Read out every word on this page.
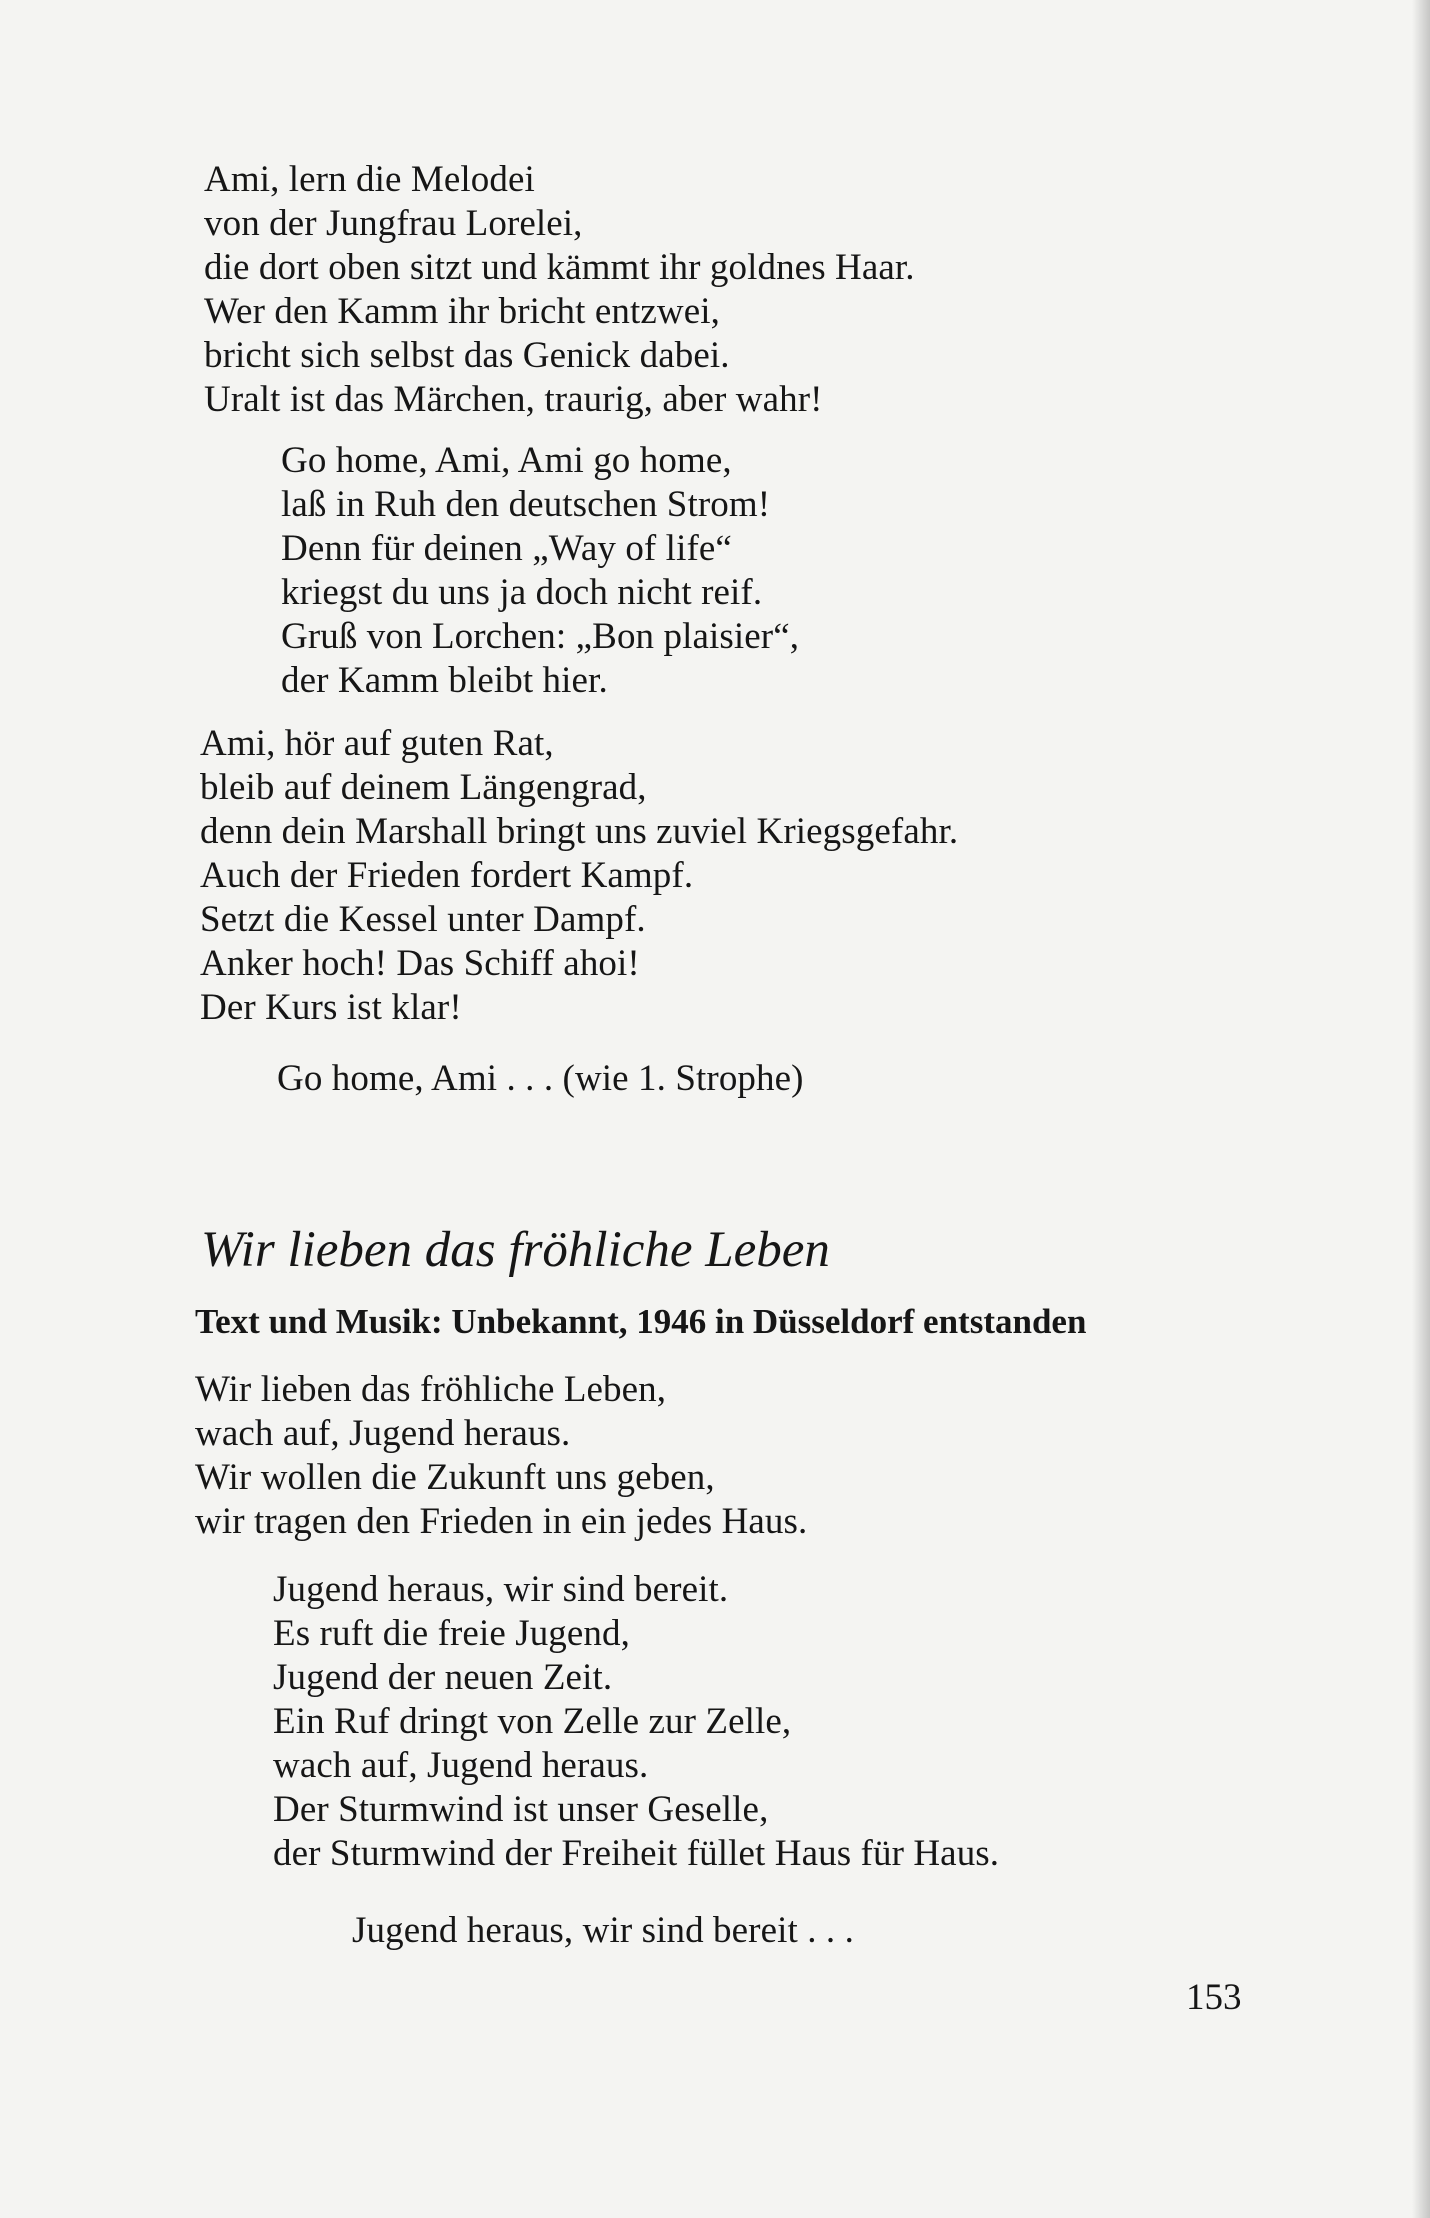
Ami, lern die Melodei
von der Jungfrau Lorelei,
die dort oben sitzt und kämmt ihr goldnes Haar.
Wer den Kamm ihr bricht entzwei,
bricht sich selbst das Genick dabei.
Uralt ist das Märchen, traurig, aber wahr!
Go home, Ami, Ami go home,
laß in Ruh den deutschen Strom!
Denn für deinen „Way of life“
kriegst du uns ja doch nicht reif.
Gruß von Lorchen: „Bon plaisier“,
der Kamm bleibt hier.
Ami, hör auf guten Rat,
bleib auf deinem Längengrad,
denn dein Marshall bringt uns zuviel Kriegsgefahr.
Auch der Frieden fordert Kampf.
Setzt die Kessel unter Dampf.
Anker hoch! Das Schiff ahoi!
Der Kurs ist klar!
Go home, Ami . . . (wie 1. Strophe)
Wir lieben das fröhliche Leben
Text und Musik: Unbekannt, 1946 in Düsseldorf entstanden
Wir lieben das fröhliche Leben,
wach auf, Jugend heraus.
Wir wollen die Zukunft uns geben,
wir tragen den Frieden in ein jedes Haus.
Jugend heraus, wir sind bereit.
Es ruft die freie Jugend,
Jugend der neuen Zeit.
Ein Ruf dringt von Zelle zur Zelle,
wach auf, Jugend heraus.
Der Sturmwind ist unser Geselle,
der Sturmwind der Freiheit füllet Haus für Haus.
Jugend heraus, wir sind bereit . . .
153
